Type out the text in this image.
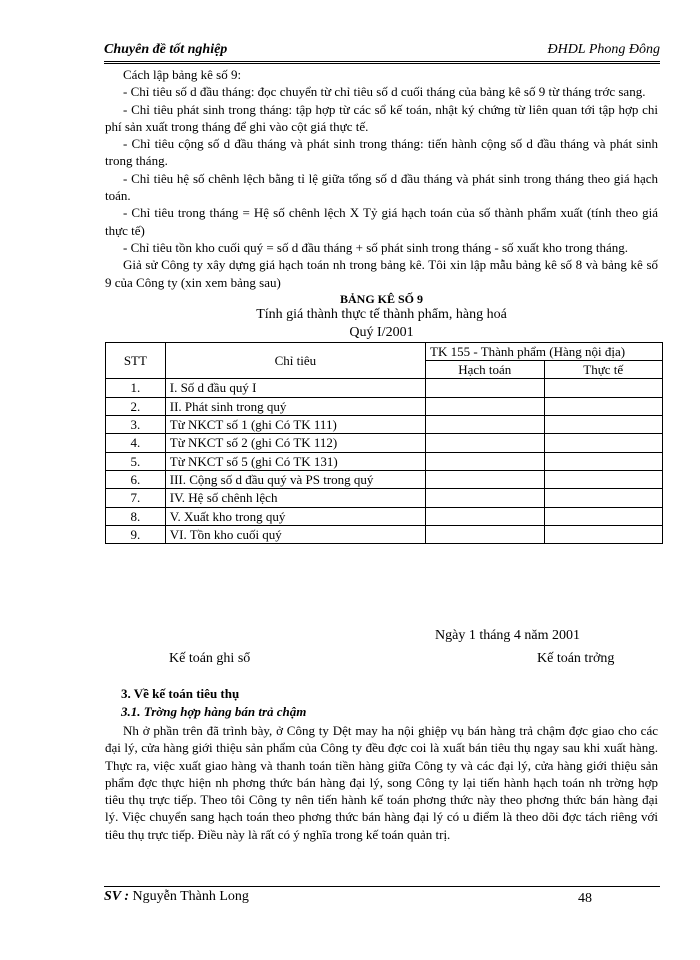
Chuyên đề tốt nghiệp	ĐHDL Phong Đông

Cách lập bảng kê số 9:

- Chỉ tiêu số d đầu tháng: đọc chuyển từ chỉ tiêu số d cuối tháng của bảng kê số 9 từ tháng trớc sang.

- Chỉ tiêu phát sinh trong tháng: tập hợp từ các sổ kế toán, nhật ký chứng từ liên quan tới tập hợp chi phí sản xuất trong tháng để ghi vào cột giá thực tế.

- Chỉ tiêu cộng số d đầu tháng và phát sinh trong tháng: tiến hành cộng số d đầu tháng và phát sinh trong tháng.

- Chỉ tiêu hệ số chênh lệch bằng tỉ lệ giữa tổng số d đầu tháng và phát sinh trong tháng theo giá hạch toán.

- Chỉ tiêu trong tháng = Hệ số chênh lệch X Tỷ giá hạch toán của số thành phẩm xuất (tính theo giá thực tế)

- Chỉ tiêu tồn kho cuối quý = số d đầu tháng + số phát sinh trong tháng - số xuất kho trong tháng.

Giả sử Công ty xây dựng giá hạch toán nh trong bảng kê. Tôi xin lập mẫu bảng kê số 8 và bảng kê số 9 của Công ty (xin xem bảng sau)

BẢNG KÊ SỐ 9
Tính giá thành thực tế thành phẩm, hàng hoá
Quý I/2001
STT	Chỉ tiêu	TK 155 - Thành phẩm (Hàng nội địa)	
		Hạch toán	Thực tế
1.	I. Số d đầu quý I		
2.	II. Phát sinh trong quý		
3.	Từ NKCT số 1 (ghi Có TK 111)		
4.	Từ NKCT số 2 (ghi Có TK 112)		
5.	Từ NKCT số 5 (ghi Có TK 131)		
6.	III. Cộng số d đầu quý và PS trong quý		
7.	IV. Hệ số chênh lệch		
8.	V. Xuất kho trong quý		
9.	VI. Tồn kho cuối quý		
Ngày 1 tháng 4 năm 2001
Kế toán ghi sổ	Kế toán trởng
3. Về kế toán tiêu thụ
3.1. Trờng hợp hàng bán trả chậm

Nh ở phần trên đã trình bày, ở Công ty Dệt may ha nội ghiệp vụ bán hàng trả chậm đợc giao cho các đại lý, cửa hàng giới thiệu sản phẩm của Công ty đều đợc coi là xuất bán tiêu thụ ngay sau khi xuất hàng. Thực ra, việc xuất giao hàng và thanh toán tiền hàng giữa Công ty và các đại lý, cửa hàng giới thiệu sản phẩm đợc thực hiện nh phơng thức bán hàng đại lý, song Công ty lại tiến hành hạch toán nh trờng hợp tiêu thụ trực tiếp. Theo tôi Công ty nên tiến hành kế toán phơng thức này theo phơng thức bán hàng đại lý. Việc chuyển sang hạch toán theo phơng thức bán hàng đại lý có u điểm là theo dõi đợc tách riêng với tiêu thụ trực tiếp. Điều này là rất có ý nghĩa trong kế toán quản trị.

SV : Nguyễn Thành Long	48
